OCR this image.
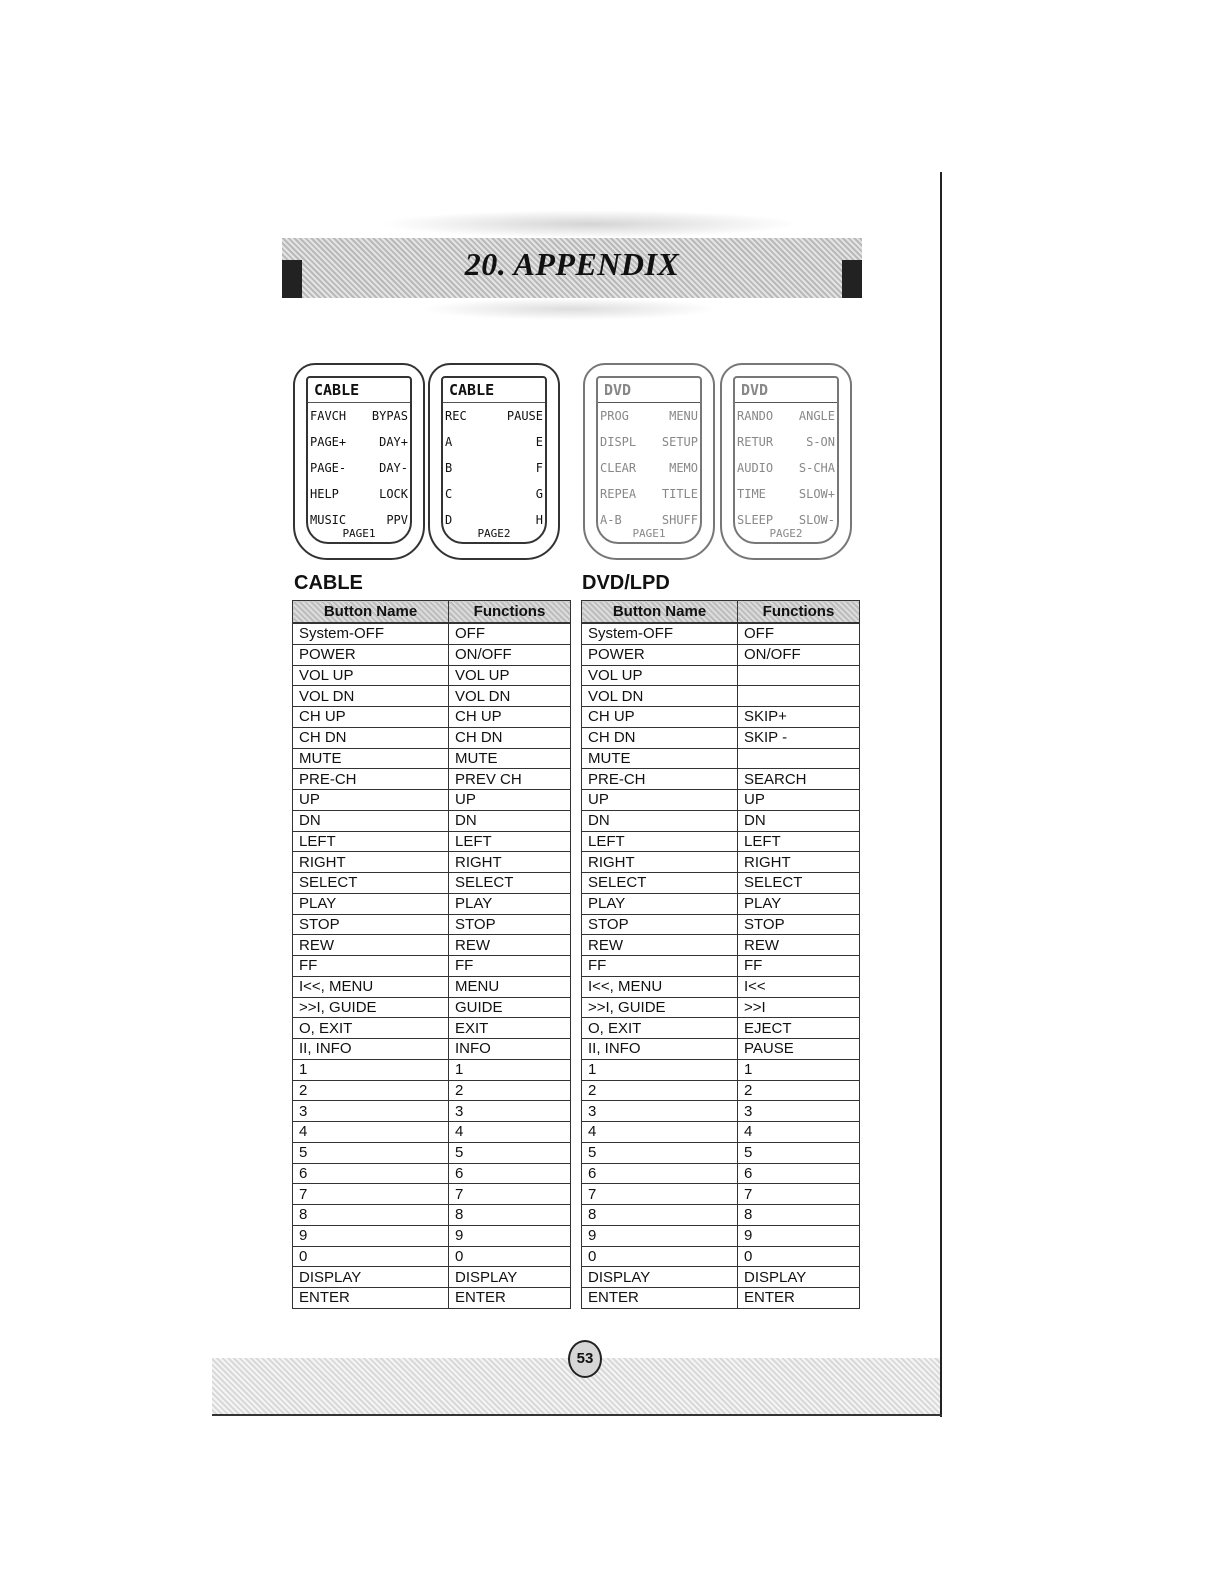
20. APPENDIX
CABLE
FAVCH BYPAS
PAGE+	DAY+
PAGE-	DAY-
HELP	LOCK
MUSIC	PPV
PAGE1
CABLE
REC	PAUSE
A	E
B	F
C	G
D	H
PAGE2
DVD
PROG	MENU
DISPL SETUP
CLEAR	MEMO
REPEA TITLE
A-B	SHUFF
PAGE1
DVD
RANDO ANGLE
RETUR	S-ON
AUDIO S-CHA
TIME	SLOW+
SLEEP SLOW-
PAGE2
CABLE	DVD/LPD
Button Name	Functions
System-OFF	OFF
POWER	ON/OFF
VOL UP	VOL UP
VOL DN	VOL DN
CH UP	CH UP
CH DN	CH DN
MUTE	MUTE
PRE-CH	PREV CH
UP	UP
DN	DN
LEFT	LEFT
RIGHT	RIGHT
SELECT	SELECT
PLAY	PLAY
STOP	STOP
REW	REW
FF	FF
I<<, MENU	MENU
>>I, GUIDE	GUIDE
O, EXIT	EXIT
II, INFO	INFO
1	1
2	2
3	3
4	4
5	5
6	6
7	7
8	8
9	9
0	0
DISPLAY	DISPLAY
ENTER	ENTER
Button Name	Functions
System-OFF	OFF
POWER	ON/OFF
VOL UP	
VOL DN	
CH UP	SKIP+
CH DN	SKIP -
MUTE	
PRE-CH	SEARCH
UP	UP
DN	DN
LEFT	LEFT
RIGHT	RIGHT
SELECT	SELECT
PLAY	PLAY
STOP	STOP
REW	REW
FF	FF
I<<, MENU	I<<
>>I, GUIDE	>>I
O, EXIT	EJECT
II, INFO	PAUSE
1	1
2	2
3	3
4	4
5	5
6	6
7	7
8	8
9	9
0	0
DISPLAY	DISPLAY
ENTER	ENTER
53
